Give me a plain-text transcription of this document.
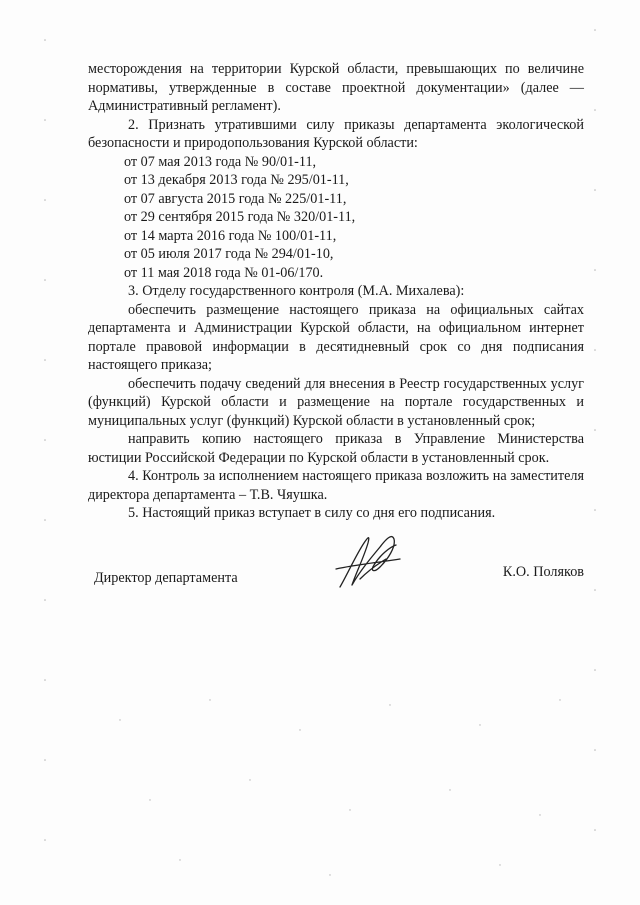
месторождения на территории Курской области, превышающих по величине нормативы, утвержденные в составе проектной документации» (далее — Административный регламент).

2. Признать утратившими силу приказы департамента экологической безопасности и природопользования Курской области:

от 07 мая 2013 года № 90/01-11,

от 13 декабря 2013 года № 295/01-11,

от 07 августа 2015 года № 225/01-11,

от 29 сентября 2015 года № 320/01-11,

от 14 марта 2016 года № 100/01-11,

от 05 июля 2017 года № 294/01-10,

от 11 мая 2018 года № 01-06/170.

3. Отделу государственного контроля (М.А. Михалева):

обеспечить размещение настоящего приказа на официальных сайтах департамента и Администрации Курской области, на официальном интернет портале правовой информации в десятидневный срок со дня подписания настоящего приказа;

обеспечить подачу сведений для внесения в Реестр государственных услуг (функций) Курской области и размещение на портале государственных и муниципальных услуг (функций) Курской области в установленный срок;

направить копию настоящего приказа в Управление Министерства юстиции Российской Федерации по Курской области в установленный срок.

4. Контроль за исполнением настоящего приказа возложить на заместителя директора департамента – Т.В. Чяушка.

5. Настоящий приказ вступает в силу со дня его подписания.

Директор департамента	К.О. Поляков
